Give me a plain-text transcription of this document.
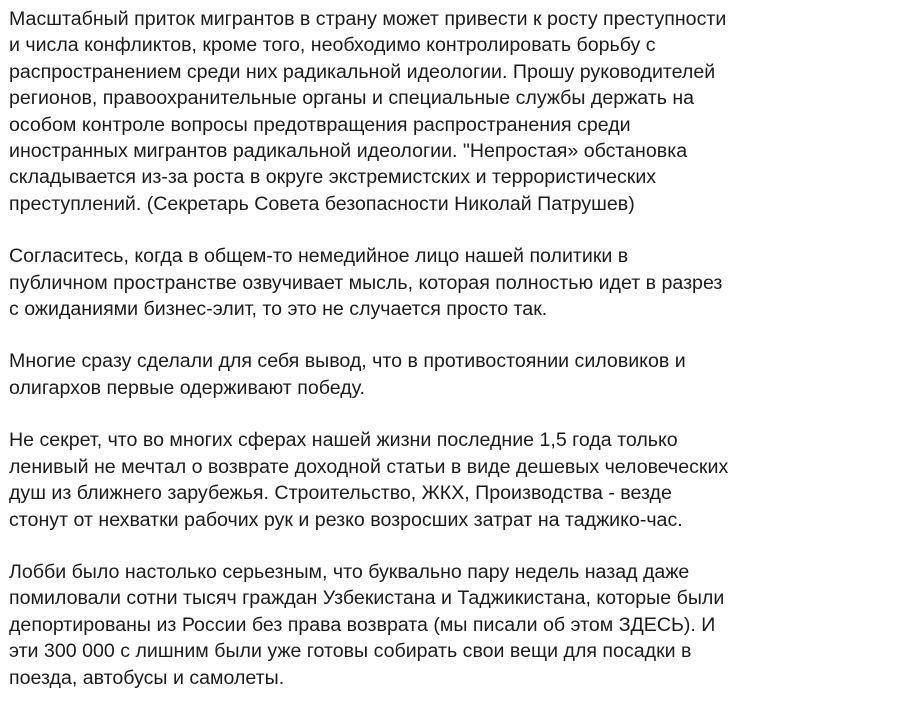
Масштабный приток мигрантов в страну может привести к росту преступности
и числа конфликтов, кроме того, необходимо контролировать борьбу с
распространением среди них радикальной идеологии. Прошу руководителей
регионов, правоохранительные органы и специальные службы держать на
особом контроле вопросы предотвращения распространения среди
иностранных мигрантов радикальной идеологии. "Непростая» обстановка
складывается из-за роста в округе экстремистских и террористических
преступлений. (Секретарь Совета безопасности Николай Патрушев)

Согласитесь, когда в общем-то немедийное лицо нашей политики в
публичном пространстве озвучивает мысль, которая полностью идет в разрез
с ожиданиями бизнес-элит, то это не случается просто так.

Многие сразу сделали для себя вывод, что в противостоянии силовиков и
олигархов первые одерживают победу.

Не секрет, что во многих сферах нашей жизни последние 1,5 года только
ленивый не мечтал о возврате доходной статьи в виде дешевых человеческих
душ из ближнего зарубежья. Строительство, ЖКХ, Производства - везде
стонут от нехватки рабочих рук и резко возросших затрат на таджико-час.

Лобби было настолько серьезным, что буквально пару недель назад даже
помиловали сотни тысяч граждан Узбекистана и Таджикистана, которые были
депортированы из России без права возврата (мы писали об этом ЗДЕСЬ). И
эти 300 000 с лишним были уже готовы собирать свои вещи для посадки в
поезда, автобусы и самолеты.
